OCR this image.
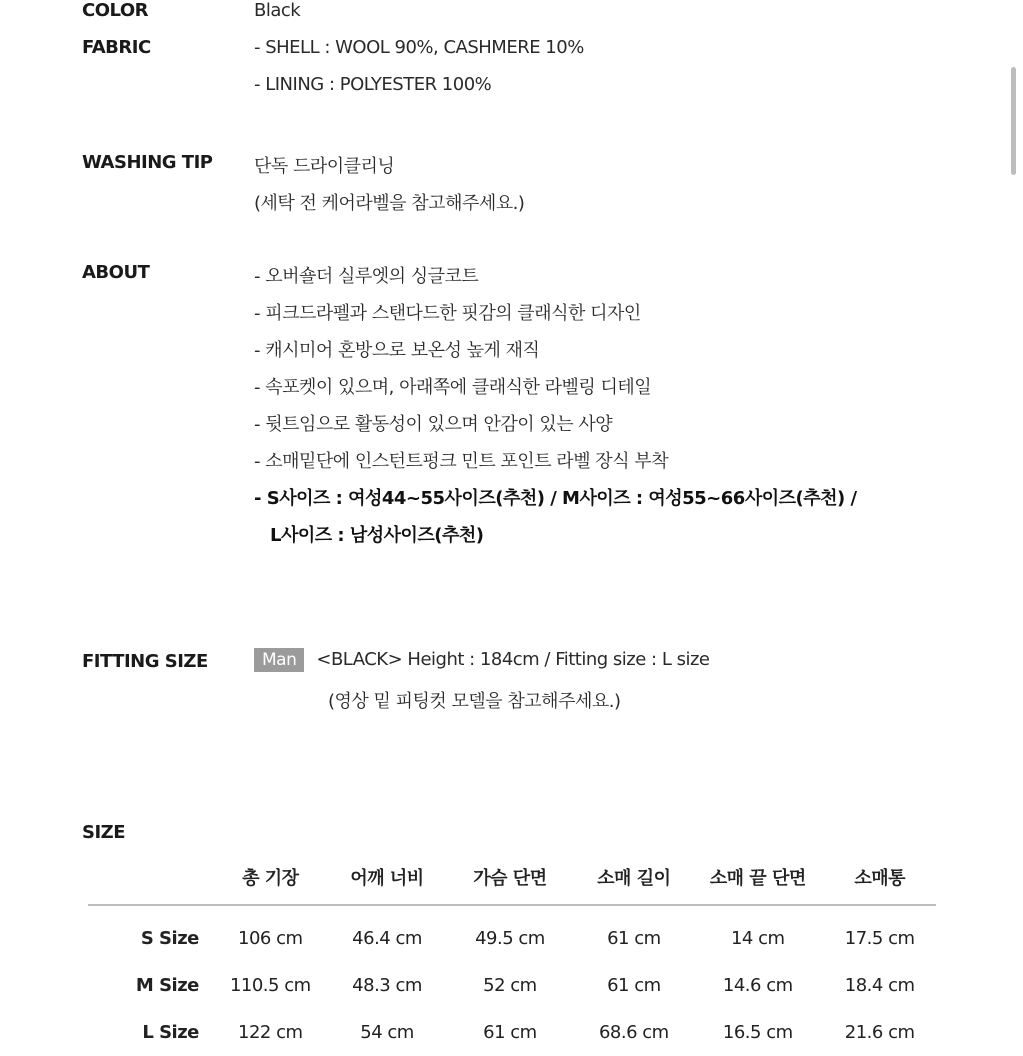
COLOR	Black
FABRIC	- SHELL : WOOL 90%, CASHMERE 10%
- LINING : POLYESTER 100%
WASHING TIP 단독 드라이클리닝
(세탁 전 케어라벨을 참고해주세요.)
ABOUT	- 오버숄더 실루엣의 싱글코트
- 피크드라펠과 스탠다드한 핏감의 클래식한 디자인
- 캐시미어 혼방으로 보온성 높게 재직
- 속포켓이 있으며, 아래쪽에 클래식한 라벨링 디테일
- 뒷트임으로 활동성이 있으며 안감이 있는 사양
- 소매밑단에 인스턴트펑크 민트 포인트 라벨 장식 부착
- S사이즈 : 여성44~55사이즈(추천) / M사이즈 : 여성55~66사이즈(추천) /
L사이즈 : 남성사이즈(추천)
FITTING SIZE	Man <BLACK> Height : 184cm / Fitting size : L size
(영상 밑 피팅컷 모델을 참고해주세요.)
SIZE
	총 기장	어깨 너비	가슴 단면	소매 길이	소매 끝 단면	소매통
S Size	106 cm	46.4 cm	49.5 cm	61 cm	14 cm	17.5 cm
M Size	110.5 cm	48.3 cm	52 cm	61 cm	14.6 cm	18.4 cm
L Size	122 cm	54 cm	61 cm	68.6 cm	16.5 cm	21.6 cm
